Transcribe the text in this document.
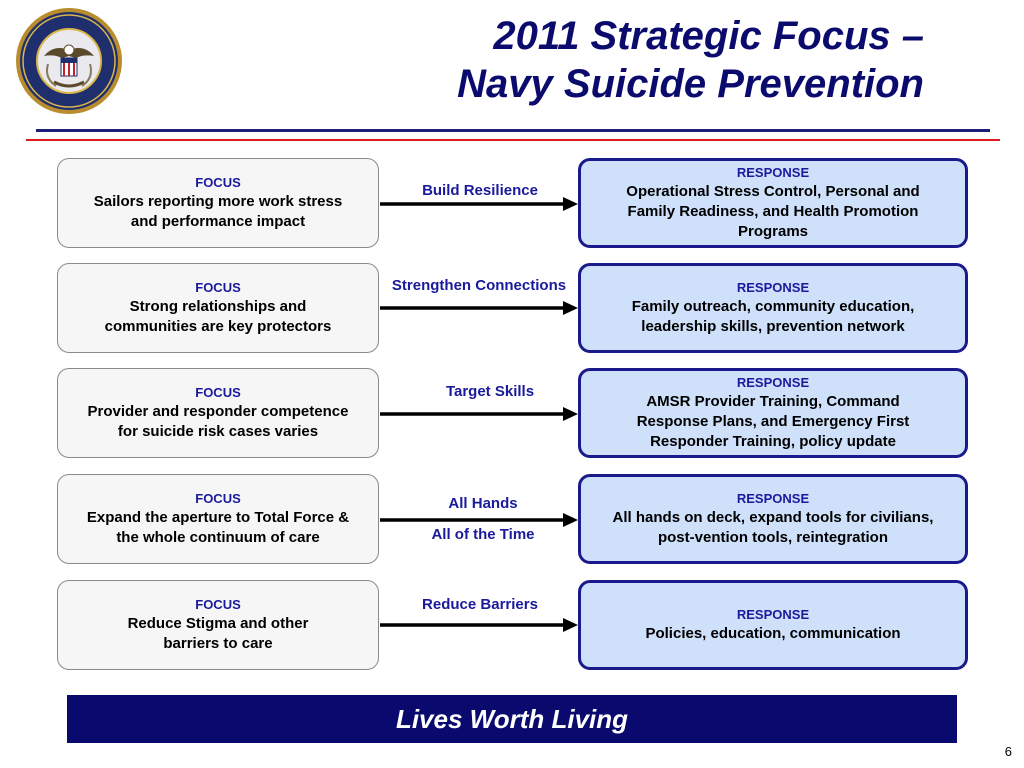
2011 Strategic Focus –
Navy Suicide Prevention
FOCUS
Sailors reporting more work stress
and performance impact
Build Resilience
RESPONSE
Operational Stress Control, Personal and
Family Readiness, and Health Promotion
Programs
FOCUS
Strong relationships and
communities are key protectors
Strengthen Connections	RESPONSE
Family outreach, community education,
leadership skills, prevention network
FOCUS
Provider and responder competence
for suicide risk cases varies
Target Skills
RESPONSE
AMSR Provider Training, Command
Response Plans, and Emergency First
Responder Training, policy update
FOCUS
Expand the aperture to Total Force &
the whole continuum of care
All Hands
All of the Time
RESPONSE
All hands on deck, expand tools for civilians,
post-vention tools, reintegration
FOCUS
Reduce Stigma and other
barriers to care
Reduce Barriers
RESPONSE
Policies, education, communication
Lives Worth Living
6
